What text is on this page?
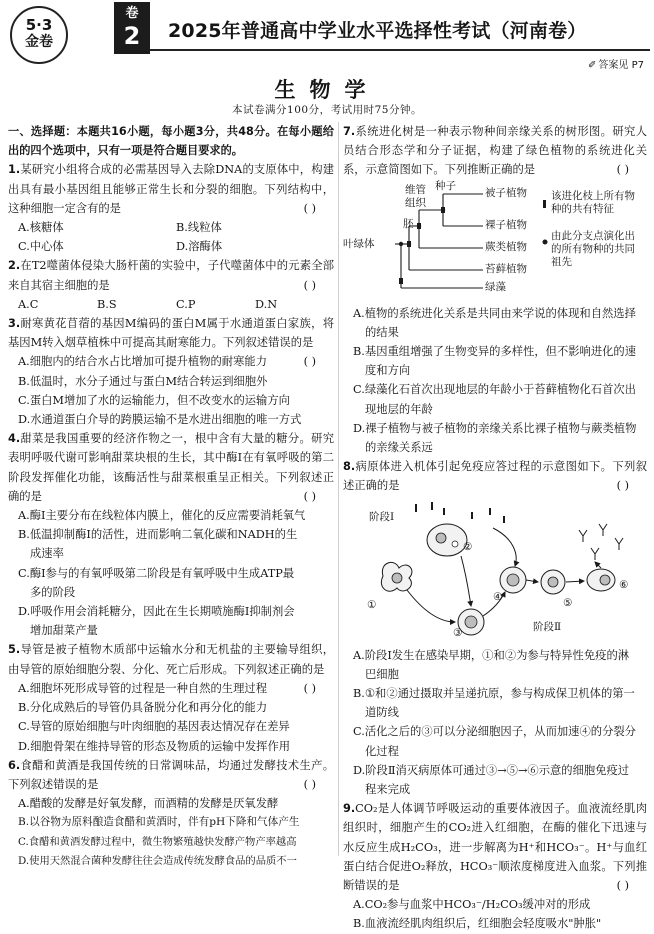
5·3
金卷
卷
2	2025年普通高中学业水平选择性考试（河南卷）
✐ 答案见 P7
生物学
本试卷满分100分，考试用时75分钟。
一、选择题：本题共16小题，每小题3分，共48分。在每小题给出的四个选项中，只有一项是符合题目要求的。
1.某研究小组将合成的必需基因导入去除DNA的支原体中，构建出具有最小基因组且能够正常生长和分裂的细胞。下列结构中，这种细胞一定含有的是	( )
A.核糖体	B.线粒体
C.中心体	D.溶酶体
2.在T2噬菌体侵染大肠杆菌的实验中，子代噬菌体中的元素全部来自其宿主细胞的是	( )
A.C	B.S	C.P	D.N
3.耐寒黄花苜蓿的基因M编码的蛋白M属于水通道蛋白家族，将基因M转入烟草植株中可提高其耐寒能力。下列叙述错误的是
( )
A.细胞内的结合水占比增加可提升植物的耐寒能力
B.低温时，水分子通过与蛋白M结合转运到细胞外
C.蛋白M增加了水的运输能力，但不改变水的运输方向
D.水通道蛋白介导的跨膜运输不是水进出细胞的唯一方式
4.甜菜是我国重要的经济作物之一，根中含有大量的糖分。研究表明呼吸代谢可影响甜菜块根的生长，其中酶Ⅰ在有氧呼吸的第二阶段发挥催化功能，该酶活性与甜菜根重呈正相关。下列叙述正确的是	( )
A.酶Ⅰ主要分布在线粒体内膜上，催化的反应需要消耗氧气
B.低温抑制酶Ⅰ的活性，进而影响二氧化碳和NADH的生
成速率
C.酶Ⅰ参与的有氧呼吸第二阶段是有氧呼吸中生成ATP最
多的阶段
D.呼吸作用会消耗糖分，因此在生长期喷施酶Ⅰ抑制剂会
增加甜菜产量
5.导管是被子植物木质部中运输水分和无机盐的主要输导组织，由导管的原始细胞分裂、分化、死亡后形成。下列叙述正确的是
( )
A.细胞坏死形成导管的过程是一种自然的生理过程
B.分化成熟后的导管仍具备脱分化和再分化的能力
C.导管的原始细胞与叶肉细胞的基因表达情况存在差异
D.细胞骨架在维持导管的形态及物质的运输中发挥作用
6.食醋和黄酒是我国传统的日常调味品，均通过发酵技术生产。下列叙述错误的是	( )
A.醋酸的发酵是好氧发酵，而酒精的发酵是厌氧发酵
B.以谷物为原料酿造食醋和黄酒时，伴有pH下降和气体产生
C.食醋和黄酒发酵过程中，微生物繁殖越快发酵产物产率越高
D.使用天然混合菌种发酵往往会造成传统发酵食品的品质不一
7.系统进化树是一种表示物种间亲缘关系的树形图。研究人员结合形态学和分子证据，构建了绿色植物的系统进化关系，示意简图如下。下列推断正确的是	( )
叶绿体
胚
维管组织
种子
被子植物
裸子植物
蕨类植物
苔藓植物
绿藻
该进化枝上所有物种的共有特征
由此分支点演化出的所有物种的共同祖先
A.植物的系统进化关系是共同由来学说的体现和自然选择
的结果
B.基因重组增强了生物变异的多样性，但不影响进化的速
度和方向
C.绿藻化石首次出现地层的年龄小于苔藓植物化石首次出
现地层的年龄
D.裸子植物与被子植物的亲缘关系比裸子植物与蕨类植物
的亲缘关系远
8.病原体进入机体引起免疫应答过程的示意图如下。下列叙述正确的是	( )
阶段Ⅰ
阶段Ⅱ
①
②
③
④	⑤
⑥
A.阶段Ⅰ发生在感染早期，①和②为参与特异性免疫的淋
巴细胞
B.①和②通过摄取并呈递抗原，参与构成保卫机体的第一
道防线
C.活化之后的③可以分泌细胞因子，从而加速④的分裂分
化过程
D.阶段Ⅱ消灭病原体可通过③→⑤→⑥示意的细胞免疫过
程来完成
9.CO₂是人体调节呼吸运动的重要体液因子。血液流经肌肉组织时，细胞产生的CO₂进入红细胞，在酶的催化下迅速与水反应生成H₂CO₃，进一步解离为H⁺和HCO₃⁻。H⁺与血红蛋白结合促进O₂释放，HCO₃⁻顺浓度梯度进入血浆。下列推断错误的是	( )
A.CO₂参与血浆中HCO₃⁻/H₂CO₃缓冲对的形成
B.血液流经肌肉组织后，红细胞会轻度吸水"肿胀"
